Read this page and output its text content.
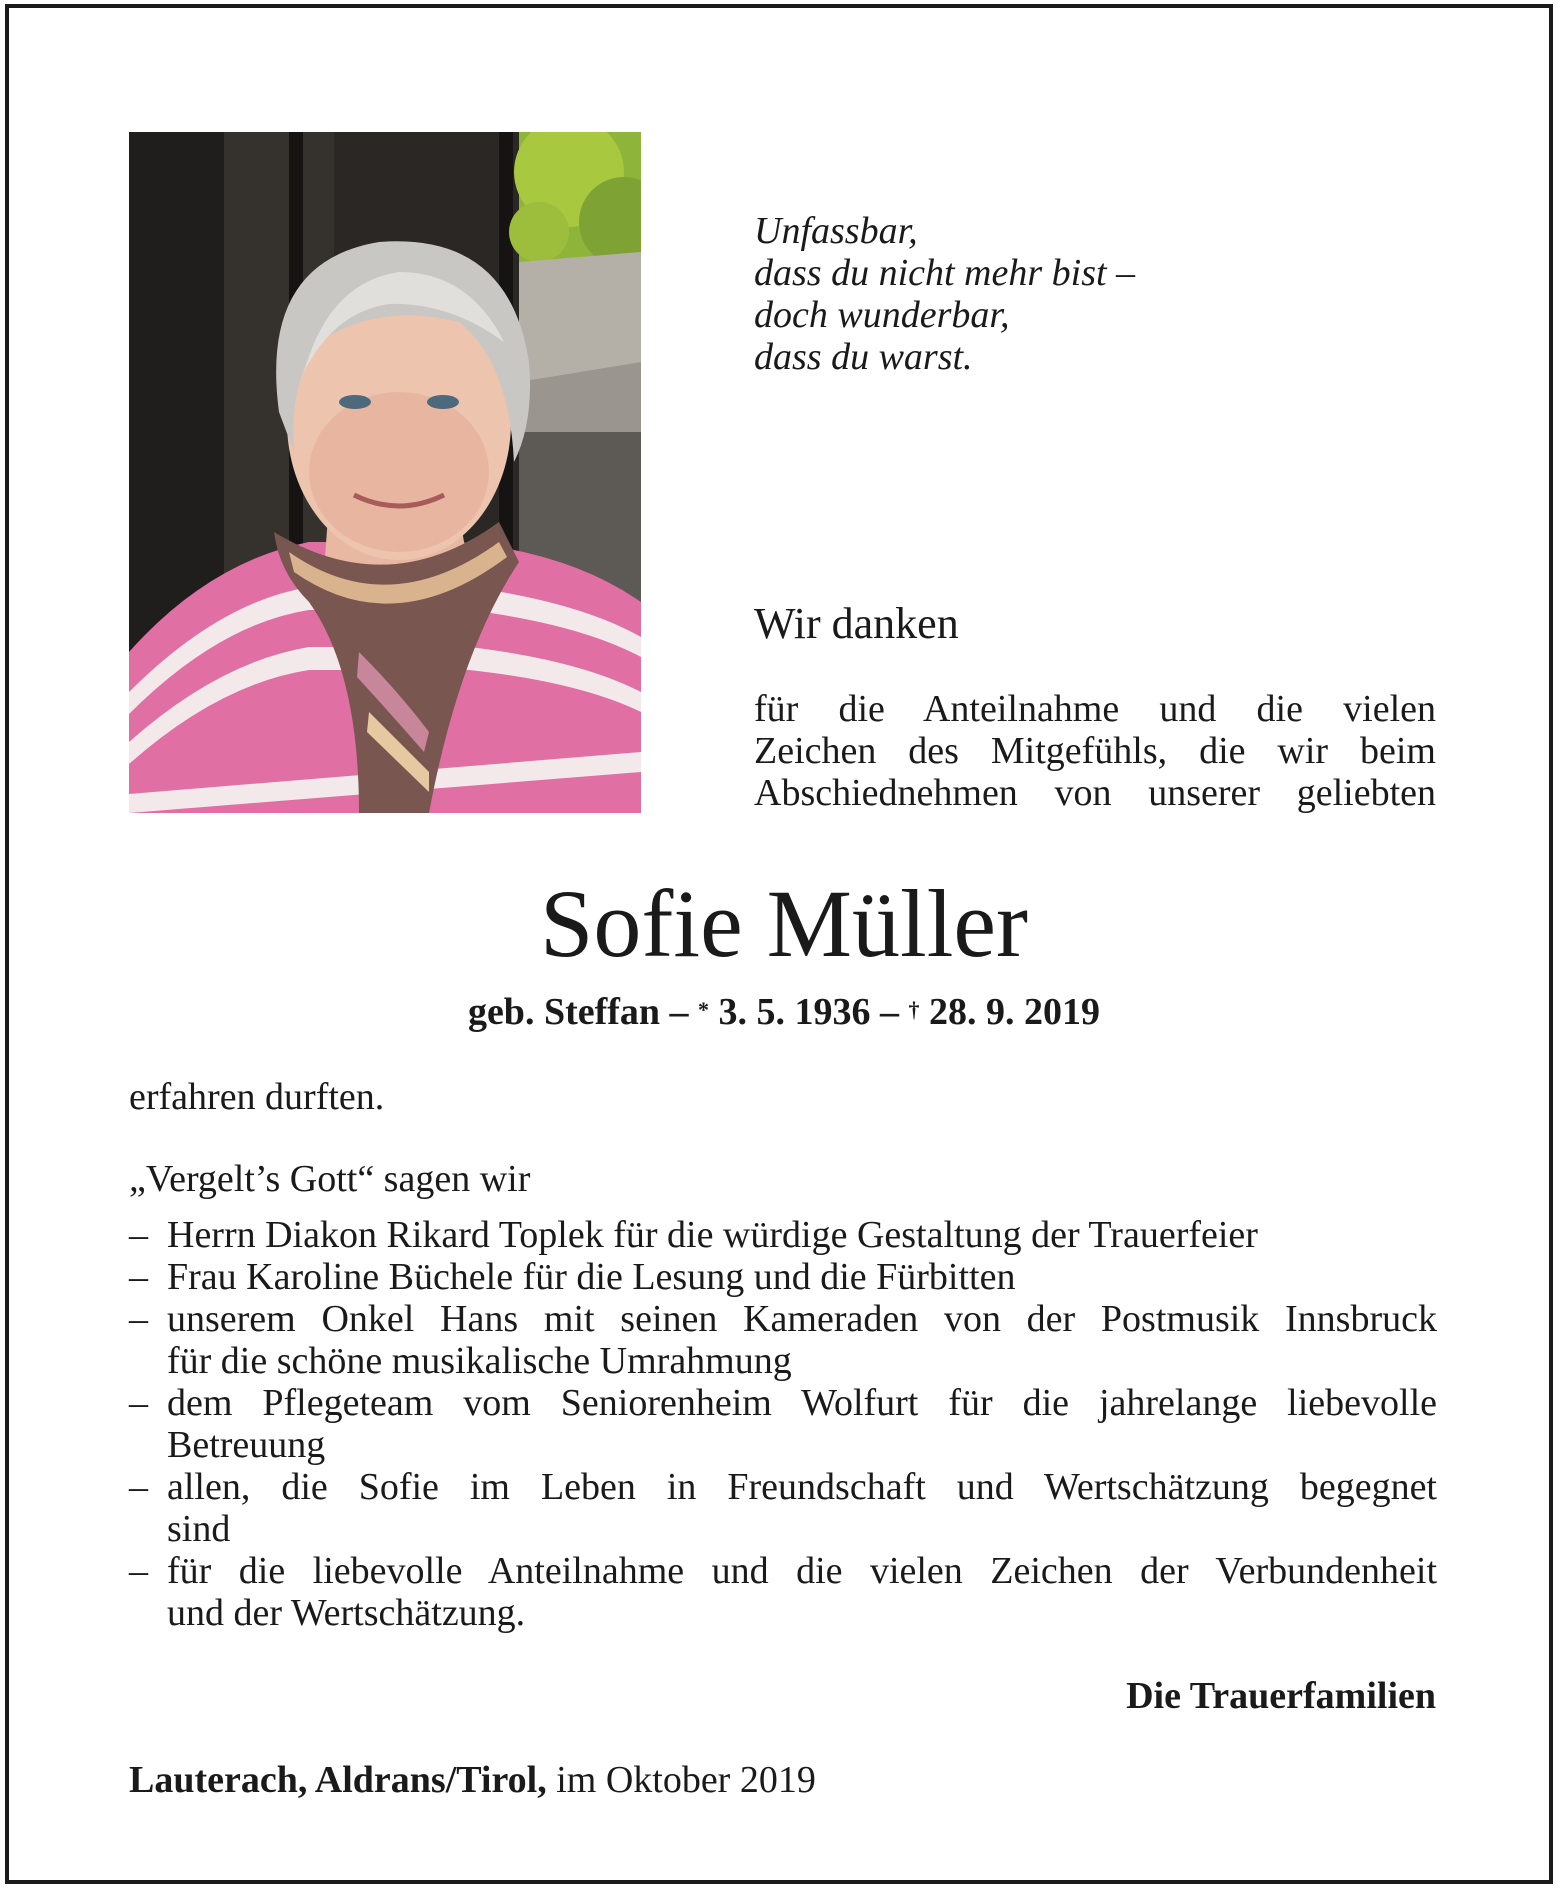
Unfassbar,
dass du nicht mehr bist –
doch wunderbar,
dass du warst.
Wir danken
für die Anteilnahme und die vielen
Zeichen des Mitgefühls, die wir beim
Abschiednehmen von unserer geliebten
Sofie Müller
geb. Steffan – * 3. 5. 1936 – † 28. 9. 2019
erfahren durften.
„Vergelt’s Gott“ sagen wir
– Herrn Diakon Rikard Toplek für die würdige Gestaltung der Trauerfeier
– Frau Karoline Büchele für die Lesung und die Fürbitten
– unserem Onkel Hans mit seinen Kameraden von der Postmusik Innsbruck
für die schöne musikalische Umrahmung
– dem Pflegeteam vom Seniorenheim Wolfurt für die jahrelange liebevolle
Betreuung
– allen, die Sofie im Leben in Freundschaft und Wertschätzung begegnet
sind
– für die liebevolle Anteilnahme und die vielen Zeichen der Verbundenheit
und der Wertschätzung.
Die Trauerfamilien
Lauterach, Aldrans/Tirol, im Oktober 2019
